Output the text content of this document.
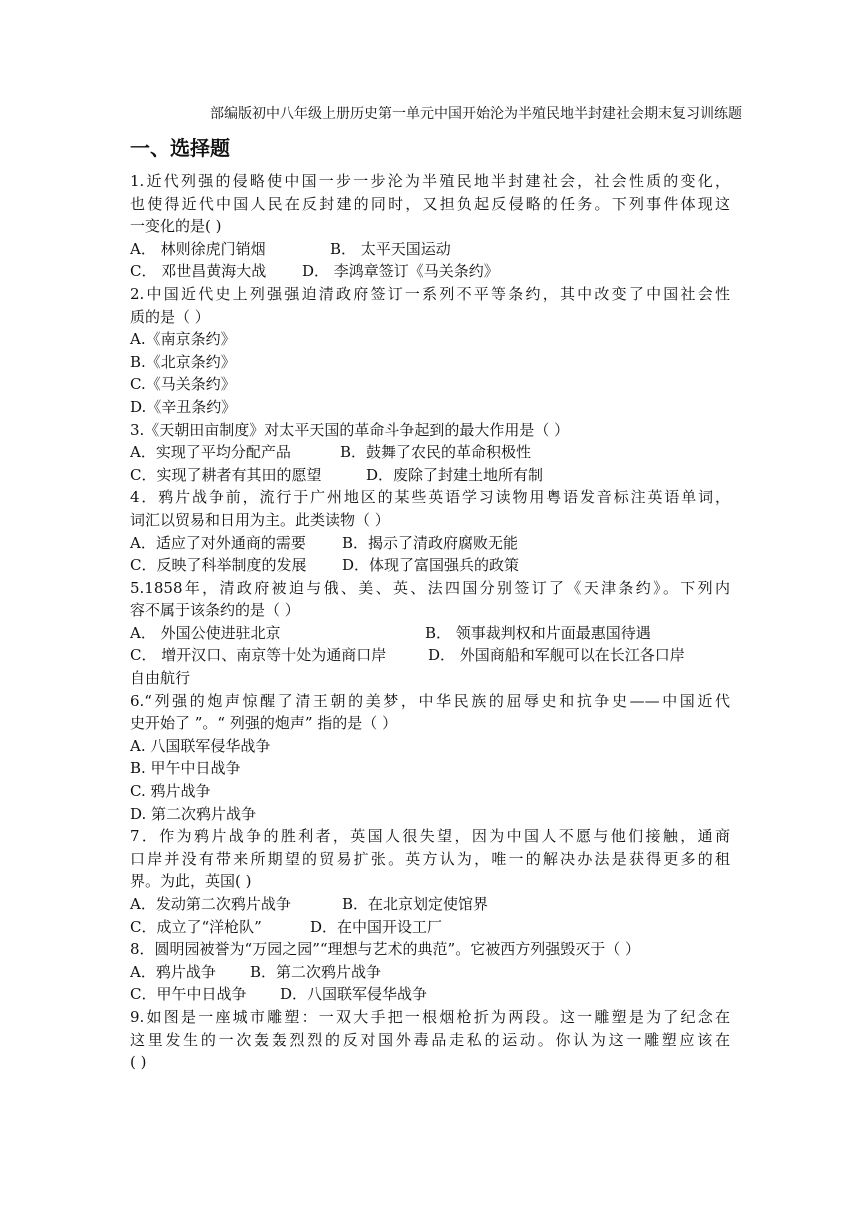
部编版初中八年级上册历史第一单元中国开始沦为半殖民地半封建社会期末复习训练题
一、选择题
1.近代列强的侵略使中国一步一步沦为半殖民地半封建社会，社会性质的变化，
也使得近代中国人民在反封建的同时，又担负起反侵略的任务。下列事件体现这
一变化的是( )
A． 林则徐虎门销烟	B． 太平天国运动
C． 邓世昌黄海大战	D． 李鸿章签订《马关条约》
2.中国近代史上列强强迫清政府签订一系列不平等条约，其中改变了中国社会性
质的是（ ）
A.《南京条约》
B.《北京条约》
C.《马关条约》
D.《辛丑条约》
3.《天朝田亩制度》对太平天国的革命斗争起到的最大作用是（ ）
A．实现了平均分配产品	B．鼓舞了农民的革命积极性
C．实现了耕者有其田的愿望	D．废除了封建土地所有制
4．鸦片战争前，流行于广州地区的某些英语学习读物用粤语发音标注英语单词，
词汇以贸易和日用为主。此类读物（ ）
A．适应了对外通商的需要	B．揭示了清政府腐败无能
C．反映了科举制度的发展	D．体现了富国强兵的政策
5.1858年，清政府被迫与俄、美、英、法四国分别签订了《天津条约》。下列内
容不属于该条约的是（ ）
A． 外国公使进驻北京	B． 领事裁判权和片面最惠国待遇
C． 增开汉口、南京等十处为通商口岸	D． 外国商船和军舰可以在长江各口岸
自由航行
6.“列强的炮声惊醒了清王朝的美梦，中华民族的屈辱史和抗争史——中国近代
史开始了 ”。“ 列强的炮声” 指的是（ ）
A. 八国联军侵华战争
B. 甲午中日战争
C. 鸦片战争
D. 第二次鸦片战争
7．作为鸦片战争的胜利者，英国人很失望，因为中国人不愿与他们接触，通商
口岸并没有带来所期望的贸易扩张。英方认为，唯一的解决办法是获得更多的租
界。为此，英国( )
A．发动第二次鸦片战争	B．在北京划定使馆界
C．成立了“洋枪队”	D．在中国开设工厂
8．圆明园被誉为“万园之园”“理想与艺术的典范”。它被西方列强毁灭于（ ）
A．鸦片战争	B．第二次鸦片战争
C．甲午中日战争	D．八国联军侵华战争
9.如图是一座城市雕塑：一双大手把一根烟枪折为两段。这一雕塑是为了纪念在
这里发生的一次轰轰烈烈的反对国外毒品走私的运动。你认为这一雕塑应该在
( )
